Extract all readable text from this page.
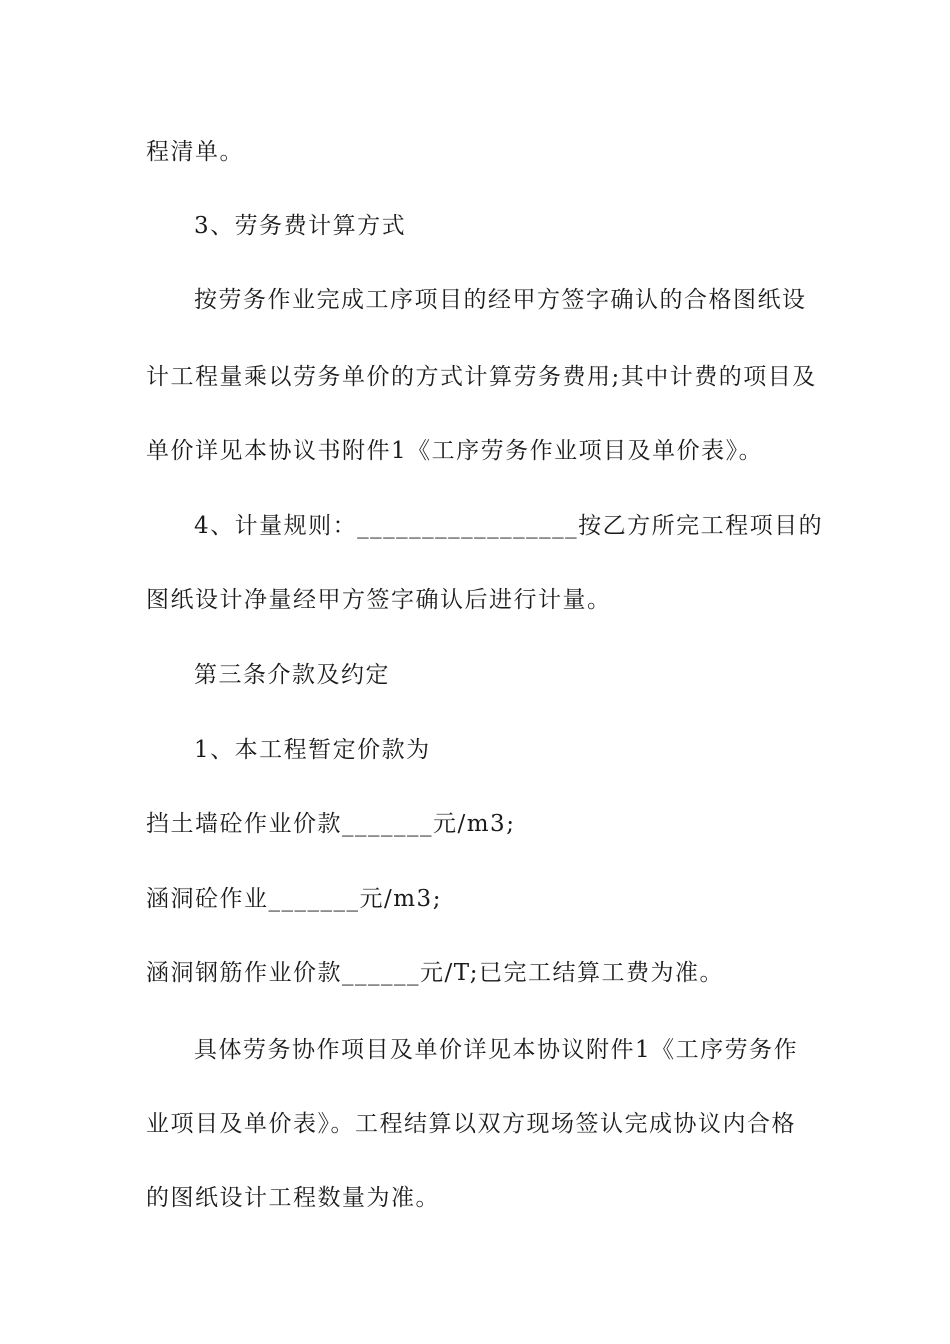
程清单。
3、劳务费计算方式
按劳务作业完成工序项目的经甲方签字确认的合格图纸设
计工程量乘以劳务单价的方式计算劳务费用;其中计费的项目及
单价详见本协议书附件1《工序劳务作业项目及单价表》。
4、计量规则：_________________按乙方所完工程项目的
图纸设计净量经甲方签字确认后进行计量。
第三条介款及约定
1、本工程暂定价款为
挡土墙砼作业价款_______元/m3;
涵洞砼作业_______元/m3;
涵洞钢筋作业价款______元/T;已完工结算工费为准。
具体劳务协作项目及单价详见本协议附件1《工序劳务作
业项目及单价表》。工程结算以双方现场签认完成协议内合格
的图纸设计工程数量为准。
